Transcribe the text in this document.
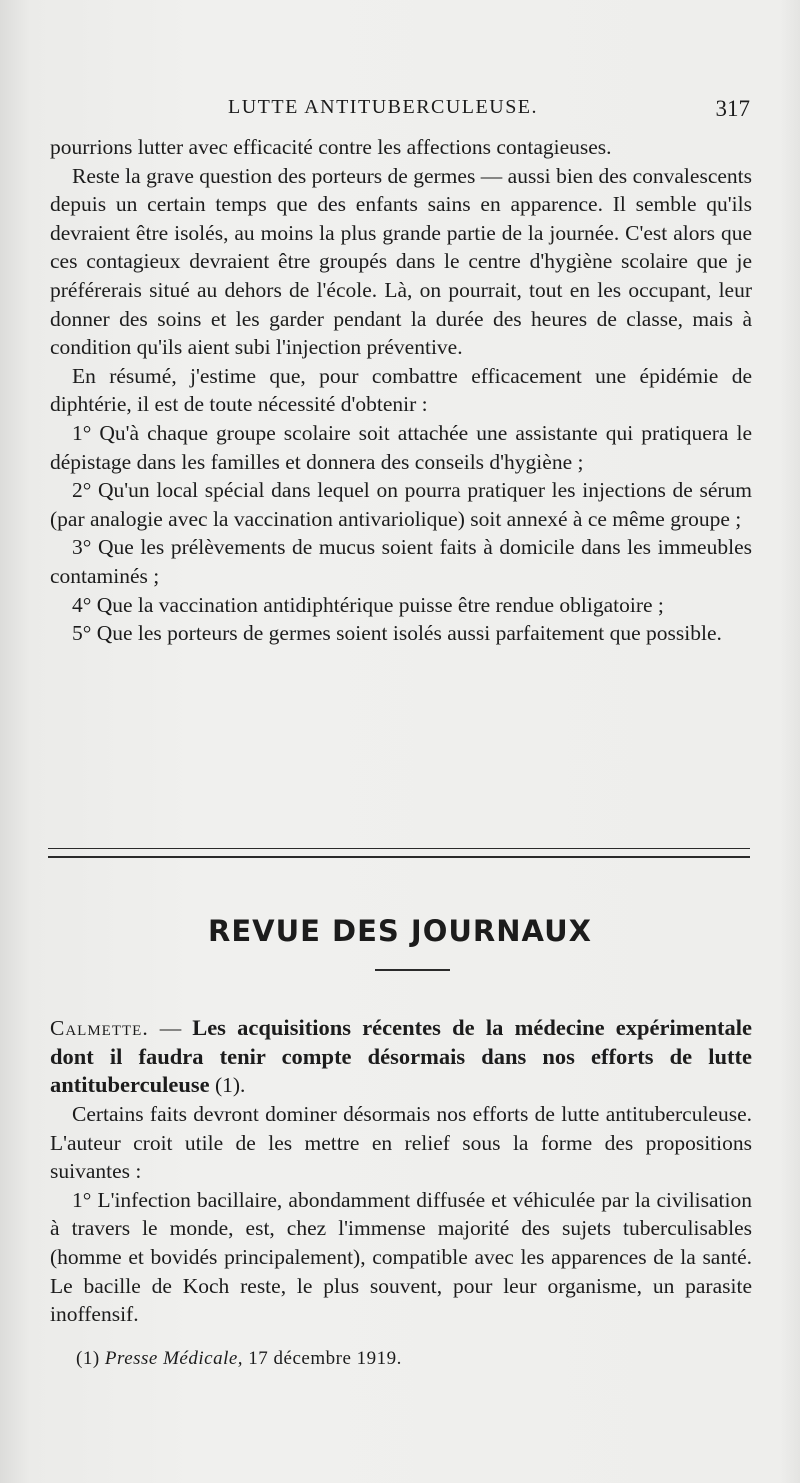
LUTTE ANTITUBERCULEUSE.	317

pourrions lutter avec efficacité contre les affections contagieuses.

Reste la grave question des porteurs de germes — aussi bien des convalescents depuis un certain temps que des enfants sains en apparence. Il semble qu'ils devraient être isolés, au moins la plus grande partie de la journée. C'est alors que ces contagieux devraient être groupés dans le centre d'hygiène scolaire que je préférerais situé au dehors de l'école. Là, on pourrait, tout en les occupant, leur donner des soins et les garder pendant la durée des heures de classe, mais à condition qu'ils aient subi l'injection préventive.

En résumé, j'estime que, pour combattre efficacement une épidémie de diphtérie, il est de toute nécessité d'obtenir :

1° Qu'à chaque groupe scolaire soit attachée une assistante qui pratiquera le dépistage dans les familles et donnera des conseils d'hygiène ;

2° Qu'un local spécial dans lequel on pourra pratiquer les injections de sérum (par analogie avec la vaccination antivariolique) soit annexé à ce même groupe ;

3° Que les prélèvements de mucus soient faits à domicile dans les immeubles contaminés ;

4° Que la vaccination antidiphtérique puisse être rendue obligatoire ;

5° Que les porteurs de germes soient isolés aussi parfaitement que possible.

REVUE DES JOURNAUX
Calmette. — Les acquisitions récentes de la médecine expérimentale dont il faudra tenir compte désormais dans nos efforts de lutte antituberculeuse (1).

Certains faits devront dominer désormais nos efforts de lutte antituberculeuse. L'auteur croit utile de les mettre en relief sous la forme des propositions suivantes :

1° L'infection bacillaire, abondamment diffusée et véhiculée par la civilisation à travers le monde, est, chez l'immense majorité des sujets tuberculisables (homme et bovidés principalement), compatible avec les apparences de la santé. Le bacille de Koch reste, le plus souvent, pour leur organisme, un parasite inoffensif.

(1) Presse Médicale, 17 décembre 1919.
